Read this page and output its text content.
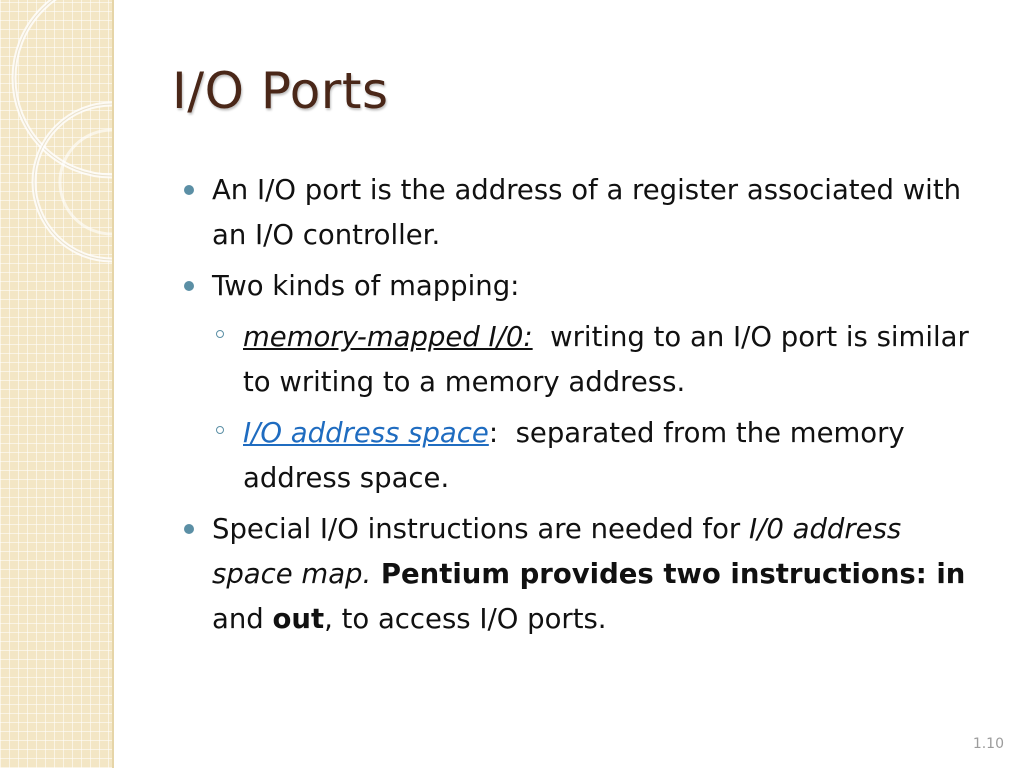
I/O Ports
An I/O port is the address of a register associated with an I/O controller.
Two kinds of mapping:
memory-mapped I/0:  writing to an I/O port is similar to writing to a memory address.
I/O address space:  separated from the memory address space.
Special I/O instructions are needed for I/0 address space map. Pentium provides two instructions: in and out, to access I/O ports.
1.10
